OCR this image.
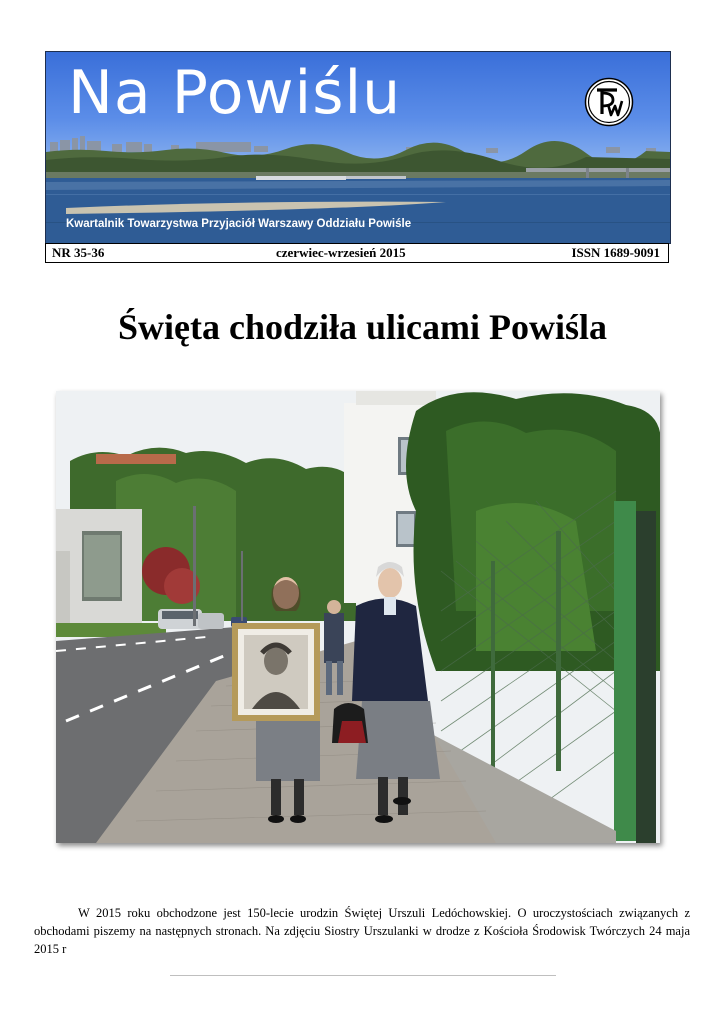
Na Powiślu
Kwartalnik Towarzystwa Przyjaciół Warszawy Oddziału Powiśle
NR 35-36	czerwiec-wrzesień 2015	ISSN 1689-9091
Święta chodziła ulicami Powiśla
W 2015 roku obchodzone jest 150-lecie urodzin Świętej Urszuli Ledóchowskiej. O uroczystościach związanych z obchodami piszemy na następnych stronach. Na zdjęciu Siostry Urszulanki w drodze z Kościoła Środowisk Twórczych 24 maja 2015 r
